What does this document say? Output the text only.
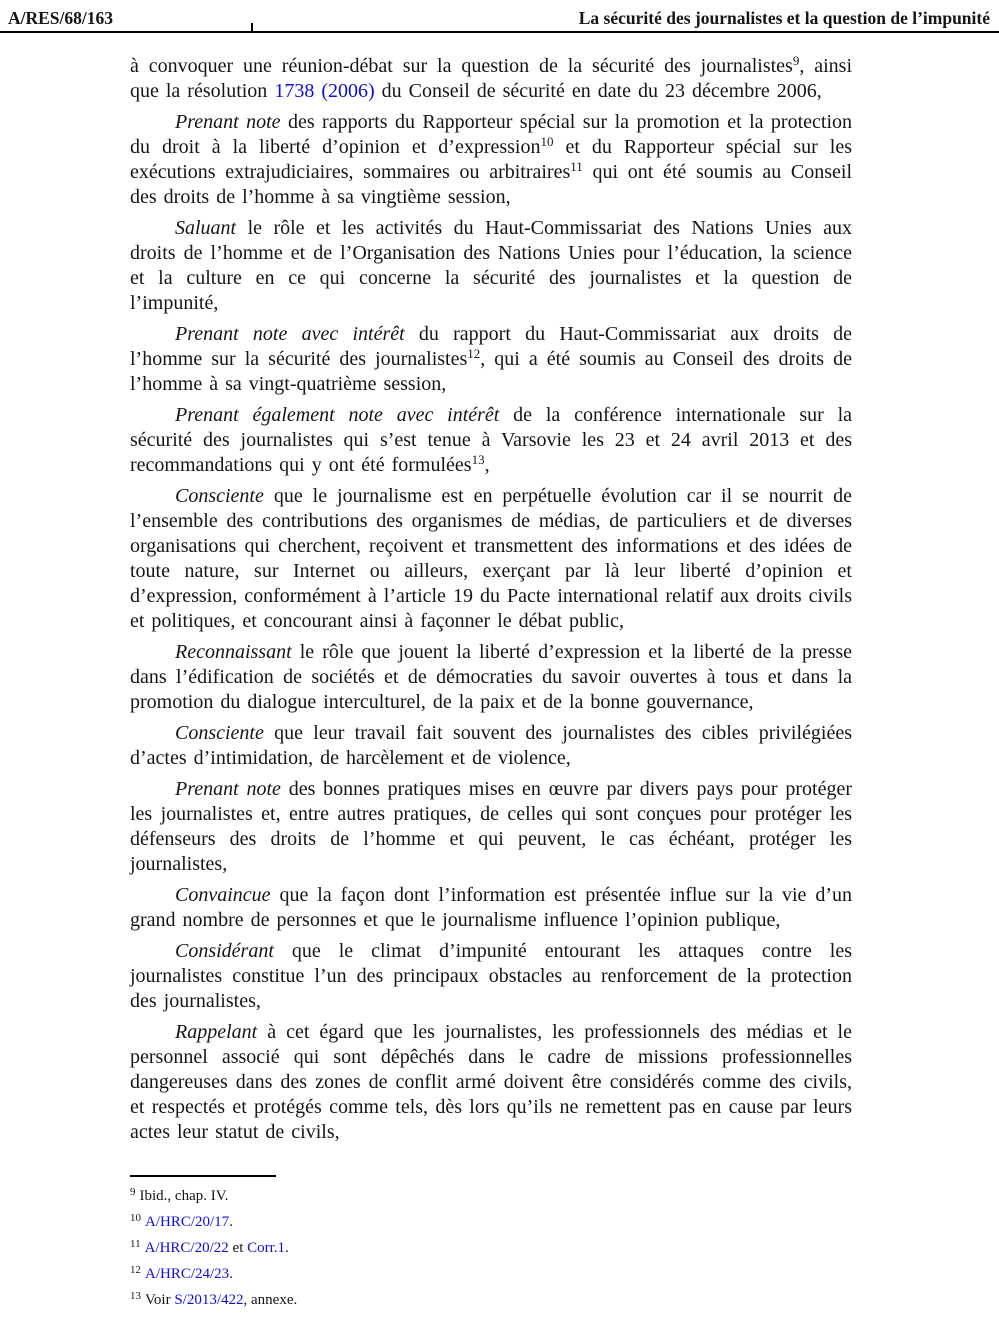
A/RES/68/163	La sécurité des journalistes et la question de l’impunité

à convoquer une réunion-débat sur la question de la sécurité des journalistes$^9$, ainsi que la résolution 1738 (2006) du Conseil de sécurité en date du 23 décembre 2006,

Prenant note des rapports du Rapporteur spécial sur la promotion et la protection du droit à la liberté d’opinion et d’expression$^{10}$ et du Rapporteur spécial sur les exécutions extrajudiciaires, sommaires ou arbitraires$^{11}$ qui ont été soumis au Conseil des droits de l’homme à sa vingtième session,

Saluant le rôle et les activités du Haut-Commissariat des Nations Unies aux droits de l’homme et de l’Organisation des Nations Unies pour l’éducation, la science et la culture en ce qui concerne la sécurité des journalistes et la question de l’impunité,

Prenant note avec intérêt du rapport du Haut-Commissariat aux droits de l’homme sur la sécurité des journalistes$^{12}$, qui a été soumis au Conseil des droits de l’homme à sa vingt-quatrième session,

Prenant également note avec intérêt de la conférence internationale sur la sécurité des journalistes qui s’est tenue à Varsovie les 23 et 24 avril 2013 et des recommandations qui y ont été formulées$^{13}$,

Consciente que le journalisme est en perpétuelle évolution car il se nourrit de l’ensemble des contributions des organismes de médias, de particuliers et de diverses organisations qui cherchent, reçoivent et transmettent des informations et des idées de toute nature, sur Internet ou ailleurs, exerçant par là leur liberté d’opinion et d’expression, conformément à l’article 19 du Pacte international relatif aux droits civils et politiques, et concourant ainsi à façonner le débat public,

Reconnaissant le rôle que jouent la liberté d’expression et la liberté de la presse dans l’édification de sociétés et de démocraties du savoir ouvertes à tous et dans la promotion du dialogue interculturel, de la paix et de la bonne gouvernance,

Consciente que leur travail fait souvent des journalistes des cibles privilégiées d’actes d’intimidation, de harcèlement et de violence,

Prenant note des bonnes pratiques mises en œuvre par divers pays pour protéger les journalistes et, entre autres pratiques, de celles qui sont conçues pour protéger les défenseurs des droits de l’homme et qui peuvent, le cas échéant, protéger les journalistes,

Convaincue que la façon dont l’information est présentée influe sur la vie d’un grand nombre de personnes et que le journalisme influence l’opinion publique,

Considérant que le climat d’impunité entourant les attaques contre les journalistes constitue l’un des principaux obstacles au renforcement de la protection des journalistes,

Rappelant à cet égard que les journalistes, les professionnels des médias et le personnel associé qui sont dépêchés dans le cadre de missions professionnelles dangereuses dans des zones de conflit armé doivent être considérés comme des civils, et respectés et protégés comme tels, dès lors qu’ils ne remettent pas en cause par leurs actes leur statut de civils,

$^9$ Ibid., chap. IV.
$^{10}$ A/HRC/20/17.
$^{11}$ A/HRC/20/22 et Corr.1.
$^{12}$ A/HRC/24/23.
$^{13}$ Voir S/2013/422, annexe.
